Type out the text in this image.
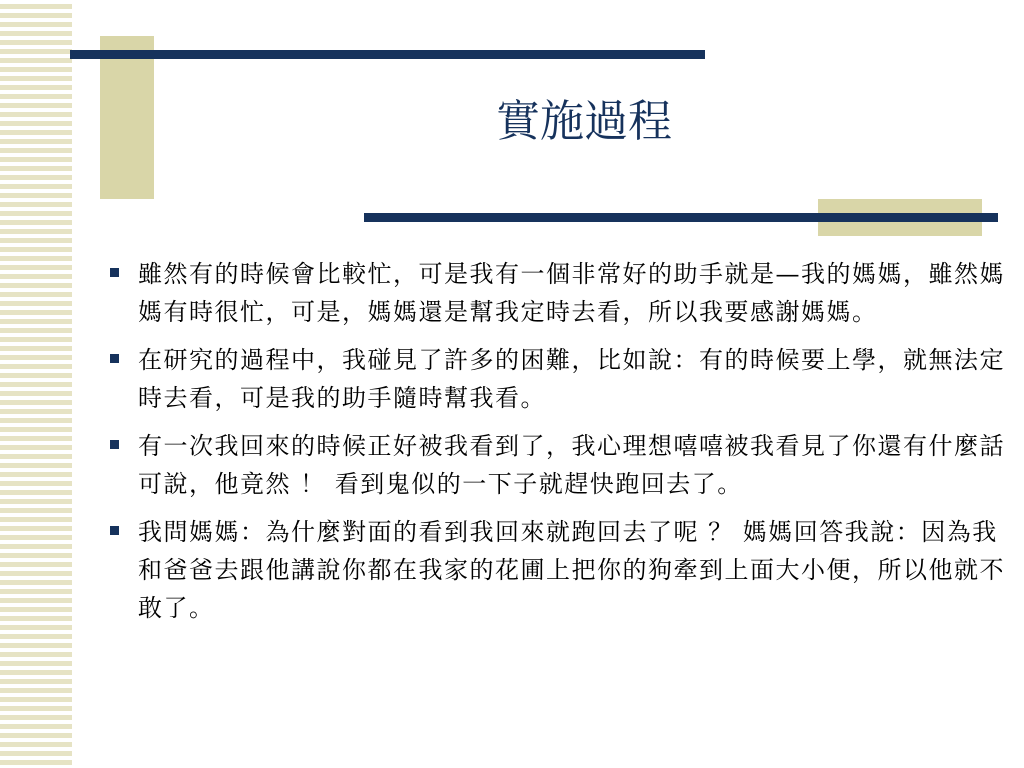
實施過程
雖然有的時候會比較忙，可是我有一個非常好的助手就是—我的媽媽，雖然媽媽有時很忙，可是，媽媽還是幫我定時去看，所以我要感謝媽媽。
在研究的過程中，我碰見了許多的困難，比如說：有的時候要上學，就無法定時去看，可是我的助手隨時幫我看。
有一次我回來的時候正好被我看到了，我心理想嘻嘻被我看見了你還有什麼話可說，他竟然 ！ 看到鬼似的一下子就趕快跑回去了。
我問媽媽：為什麼對面的看到我回來就跑回去了呢 ？ 媽媽回答我說：因為我和爸爸去跟他講說你都在我家的花圃上把你的狗牽到上面大小便，所以他就不敢了。
